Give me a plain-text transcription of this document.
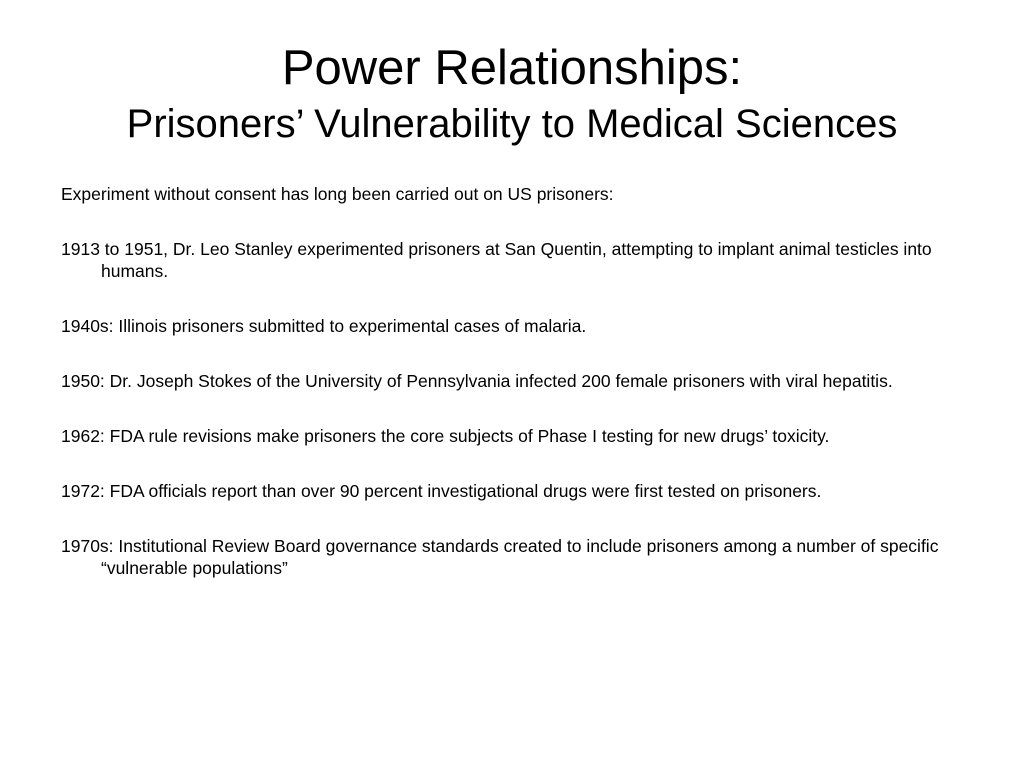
Power Relationships:
Prisoners’ Vulnerability to Medical Sciences

Experiment without consent has long been carried out on US prisoners:

1913 to 1951, Dr. Leo Stanley experimented prisoners at San Quentin, attempting to implant animal testicles into humans.

1940s: Illinois prisoners submitted to experimental cases of malaria.

1950: Dr. Joseph Stokes of the University of Pennsylvania infected 200 female prisoners with viral hepatitis.

1962: FDA rule revisions make prisoners the core subjects of Phase I testing for new drugs’ toxicity.

1972: FDA officials report than over 90 percent investigational drugs were first tested on prisoners.

1970s: Institutional Review Board governance standards created to include prisoners among a number of specific “vulnerable populations”
